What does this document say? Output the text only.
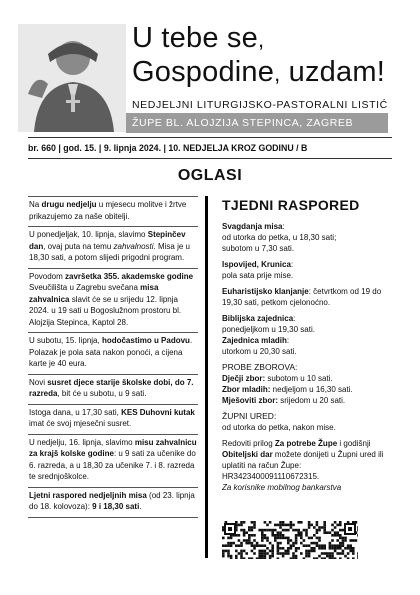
U tebe se,
Gospodine, uzdam!
NEDJELJNI LITURGIJSKO-PASTORALNI LISTIĆ
ŽUPE BL. ALOJZIJA STEPINCA, ZAGREB
br. 660 | god. 15. | 9. lipnja 2024. | 10. NEDJELJA KROZ GODINU / B
OGLASI
Na drugu nedjelju u mjesecu molitve i žrtve prikazujemo za naše obitelji.
U ponedjeljak, 10. lipnja, slavimo Stepinčev dan, ovaj puta na temu zahvalnosti. Misa je u 18,30 sati, a potom slijedi prigodni program.
Povodom završetka 355. akademske godine Sveučilišta u Zagrebu svečana misa zahvalnica slavit će se u srijedu 12. lipnja 2024. u 19 sati u Bogoslužnom prostoru bl. Alojzija Stepinca, Kaptol 28.
U subotu, 15. lipnja, hodočastimo u Padovu. Polazak je pola sata nakon ponoći, a cijena karte je 40 eura.
Novi susret djece starije školske dobi, do 7. razreda, bit će u subotu, u 9 sati.
Istoga dana, u 17,30 sati, KES Duhovni kutak imat će svoj mjesečni susret.
U nedjelju, 16. lipnja, slavimo misu zahvalnicu za krajš kolske godine: u 9 sati za učenike do 6. razreda, a u 18,30 za učenike 7. i 8. razreda te srednjoškolce.
Ljetni raspored nedjeljnih misa (od 23. lipnja do 18. kolovoza): 9 i 18,30 sati.
TJEDNI RASPORED
Svagdanja misa:
od utorka do petka, u 18,30 sati;
subotom u 7,30 sati.
Ispovijed, Krunica:
pola sata prije mise.
Euharistijsko klanjanje: četvrtkom od 19 do 19,30 sati, petkom cjelonoćno.
Biblijska zajednica:
ponedjeljkom u 19,30 sati.
Zajednica mladih:
utorkom u 20,30 sati.
PROBE ZBOROVA:
Dječji zbor: subotom u 10 sati.
Zbor mladih: nedjeljom u 16,30 sati.
Mješoviti zbor: srijedom u 20 sati.
ŽUPNI URED:
od utorka do petka, nakon mise.
Redoviti prilog Za potrebe Župe i godišnji Obiteljski dar možete donijeti u Župni ured ili uplatiti na račun Župe: HR3423400091110672315.
Za korisnike mobilnog bankarstva
